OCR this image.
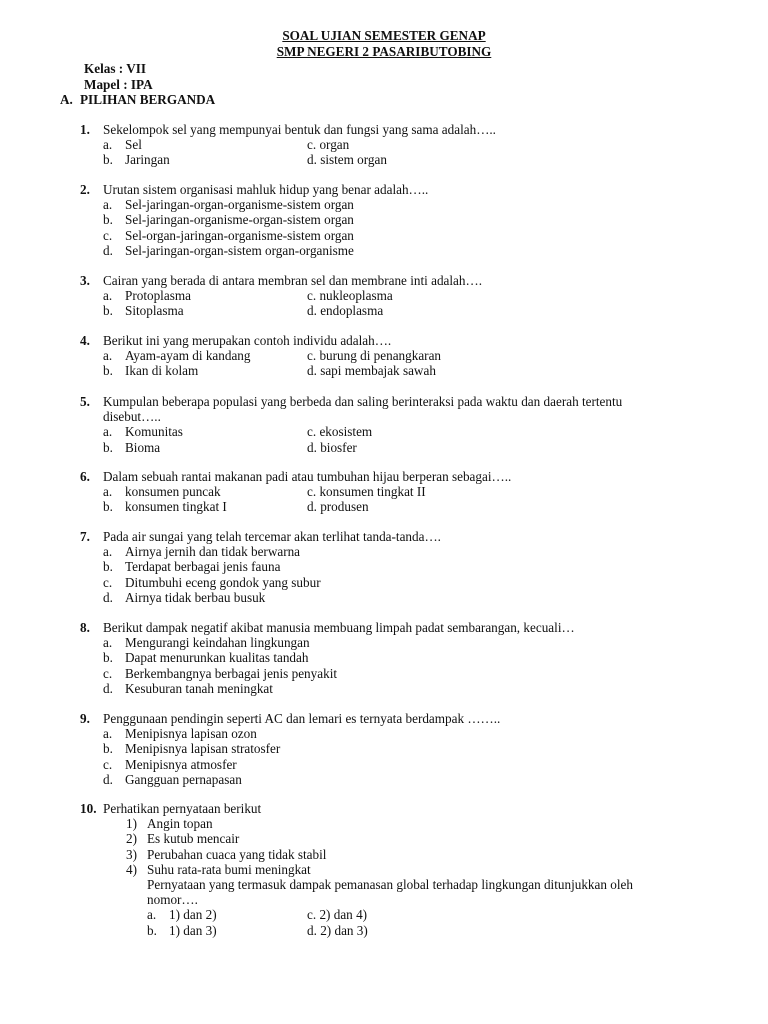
SOAL UJIAN SEMESTER GENAP
SMP NEGERI 2 PASARIBUTOBING
Kelas : VII
Mapel : IPA
A. PILIHAN BERGANDA
1. Sekelompok sel yang mempunyai bentuk dan fungsi yang sama adalah…..
a. Sel	c. organ
b. Jaringan	d. sistem organ
2. Urutan sistem organisasi mahluk hidup yang benar adalah…..
a. Sel-jaringan-organ-organisme-sistem organ
b. Sel-jaringan-organisme-organ-sistem organ
c. Sel-organ-jaringan-organisme-sistem organ
d. Sel-jaringan-organ-sistem organ-organisme
3. Cairan yang berada di antara membran sel dan membrane inti adalah….
a. Protoplasma	c. nukleoplasma
b. Sitoplasma	d. endoplasma
4. Berikut ini yang merupakan contoh individu adalah….
a. Ayam-ayam di kandang	c. burung di penangkaran
b. Ikan di kolam	d. sapi membajak sawah
5. Kumpulan beberapa populasi yang berbeda dan saling berinteraksi pada waktu dan daerah tertentu
disebut…..
a. Komunitas	c. ekosistem
b. Bioma	d. biosfer
6. Dalam sebuah rantai makanan padi atau tumbuhan hijau berperan sebagai…..
a. konsumen puncak	c. konsumen tingkat II
b. konsumen tingkat I	d. produsen
7. Pada air sungai yang telah tercemar akan terlihat tanda-tanda….
a. Airnya jernih dan tidak berwarna
b. Terdapat berbagai jenis fauna
c. Ditumbuhi eceng gondok yang subur
d. Airnya tidak berbau busuk
8. Berikut dampak negatif akibat manusia membuang limpah padat sembarangan, kecuali…
a. Mengurangi keindahan lingkungan
b. Dapat menurunkan kualitas tandah
c. Berkembangnya berbagai jenis penyakit
d. Kesuburan tanah meningkat
9. Penggunaan pendingin seperti AC dan lemari es ternyata berdampak ……..
a. Menipisnya lapisan ozon
b. Menipisnya lapisan stratosfer
c. Menipisnya atmosfer
d. Gangguan pernapasan
10. Perhatikan pernyataan berikut
1) Angin topan
2) Es kutub mencair
3) Perubahan cuaca yang tidak stabil
4) Suhu rata-rata bumi meningkat
Pernyataan yang termasuk dampak pemanasan global terhadap lingkungan ditunjukkan oleh
nomor….
a. 1) dan 2)	c. 2) dan 4)
b. 1) dan 3)	d. 2) dan 3)
